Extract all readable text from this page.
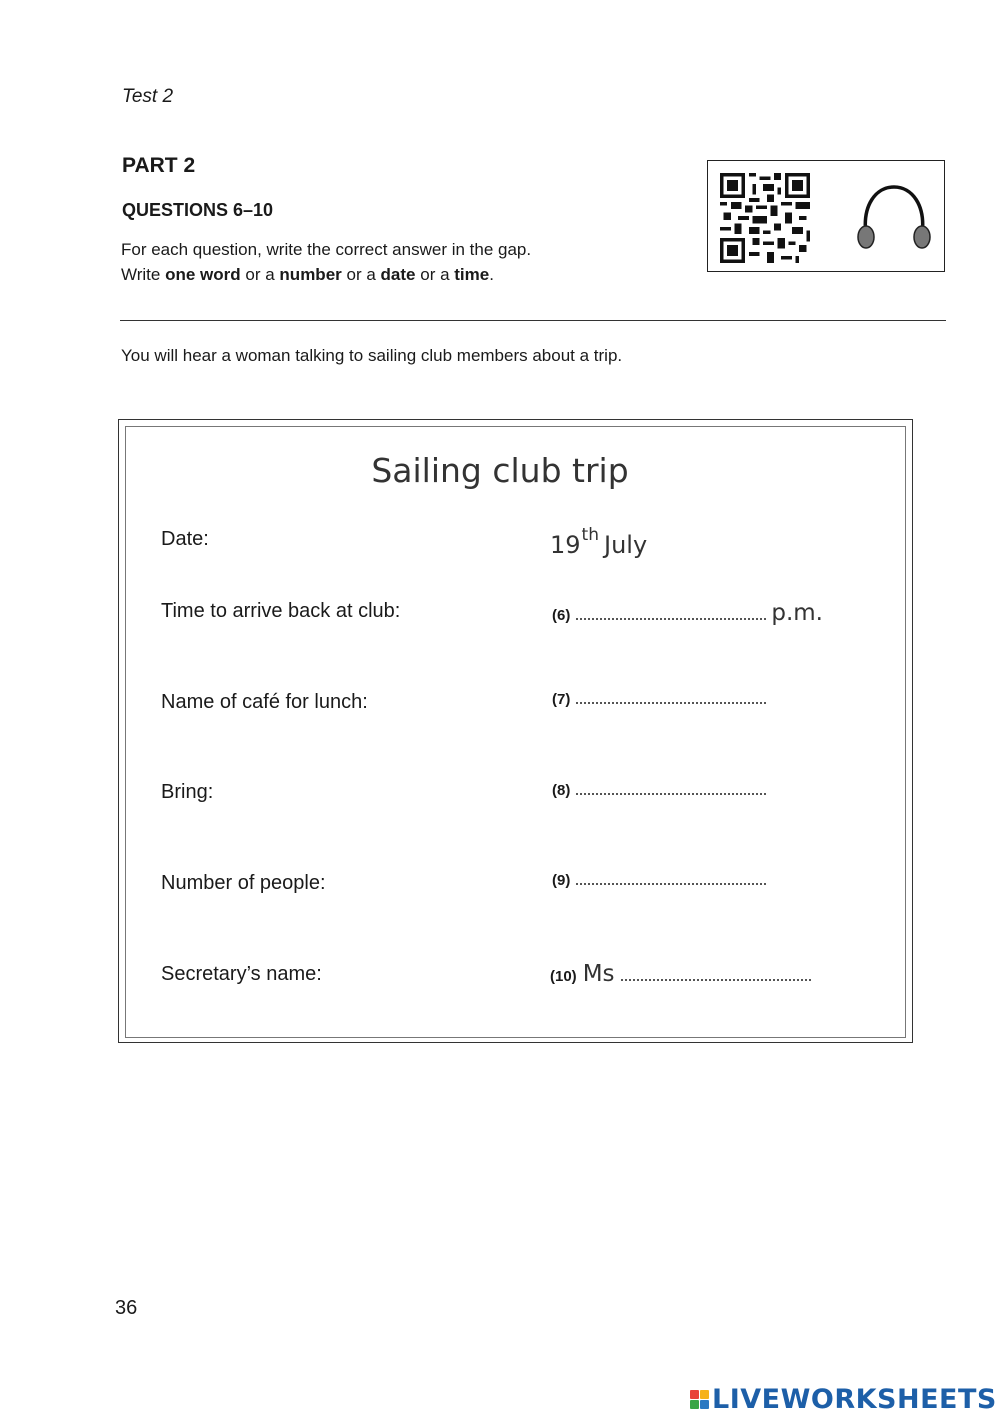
Test 2
PART 2
QUESTIONS 6–10
For each question, write the correct answer in the gap.
Write one word or a number or a date or a time.
You will hear a woman talking to sailing club members about a trip.
Sailing club trip
Date:	19th July
Time to arrive back at club:	(6)	p.m.
Name of café for lunch:	(7)
Bring:	(8)
Number of people:	(9)
Secretary’s name:	(10) Ms
36
LIVEWORKSHEETS
